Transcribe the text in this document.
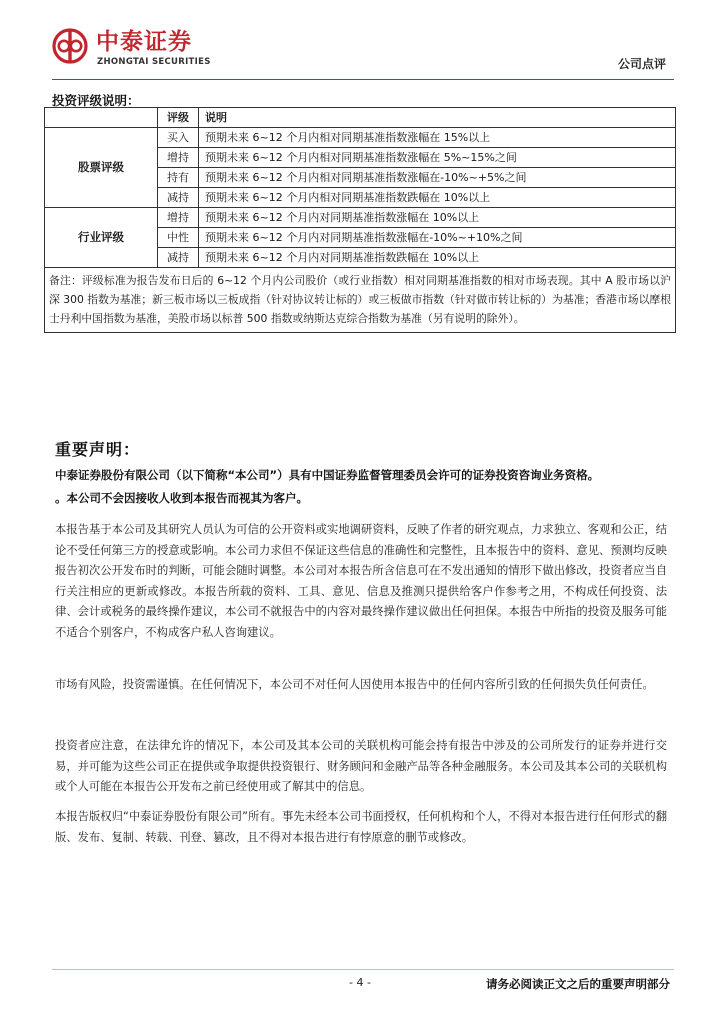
中泰证券
ZHONGTAI SECURITIES	公司点评
投资评级说明：
	评级	说明
股票评级	买入	预期未来 6~12 个月内相对同期基准指数涨幅在 15%以上
	增持	预期未来 6~12 个月内相对同期基准指数涨幅在 5%~15%之间
	持有	预期未来 6~12 个月内相对同期基准指数涨幅在-10%~+5%之间
	减持	预期未来 6~12 个月内相对同期基准指数跌幅在 10%以上
行业评级	增持	预期未来 6~12 个月内对同期基准指数涨幅在 10%以上
	中性	预期未来 6~12 个月内对同期基准指数涨幅在-10%~+10%之间
	减持	预期未来 6~12 个月内对同期基准指数跌幅在 10%以上
备注：评级标准为报告发布日后的 6~12 个月内公司股价（或行业指数）相对同期基准指数的相对市场表现。其中 A 股市场以沪深 300 指数为基准；新三板市场以三板成指（针对协议转让标的）或三板做市指数（针对做市转让标的）为基准；香港市场以摩根士丹利中国指数为基准，美股市场以标普 500 指数或纳斯达克综合指数为基准（另有说明的除外）。		
重要声明：
中泰证券股份有限公司（以下简称“本公司”）具有中国证券监督管理委员会许可的证券投资咨询业务资格。
。本公司不会因接收人收到本报告而视其为客户。
本报告基于本公司及其研究人员认为可信的公开资料或实地调研资料，反映了作者的研究观点，力求独立、客观和公正，结论不受任何第三方的授意或影响。本公司力求但不保证这些信息的准确性和完整性，且本报告中的资料、意见、预测均反映报告初次公开发布时的判断，可能会随时调整。本公司对本报告所含信息可在不发出通知的情形下做出修改，投资者应当自行关注相应的更新或修改。本报告所载的资料、工具、意见、信息及推测只提供给客户作参考之用，不构成任何投资、法律、会计或税务的最终操作建议，本公司不就报告中的内容对最终操作建议做出任何担保。本报告中所指的投资及服务可能不适合个别客户，不构成客户私人咨询建议。
市场有风险，投资需谨慎。在任何情况下，本公司不对任何人因使用本报告中的任何内容所引致的任何损失负任何责任。
投资者应注意，在法律允许的情况下，本公司及其本公司的关联机构可能会持有报告中涉及的公司所发行的证券并进行交易，并可能为这些公司正在提供或争取提供投资银行、财务顾问和金融产品等各种金融服务。本公司及其本公司的关联机构或个人可能在本报告公开发布之前已经使用或了解其中的信息。
本报告版权归“中泰证券股份有限公司”所有。事先未经本公司书面授权，任何机构和个人，不得对本报告进行任何形式的翻版、发布、复制、转载、刊登、篡改，且不得对本报告进行有悖原意的删节或修改。
- 4 -	请务必阅读正文之后的重要声明部分
